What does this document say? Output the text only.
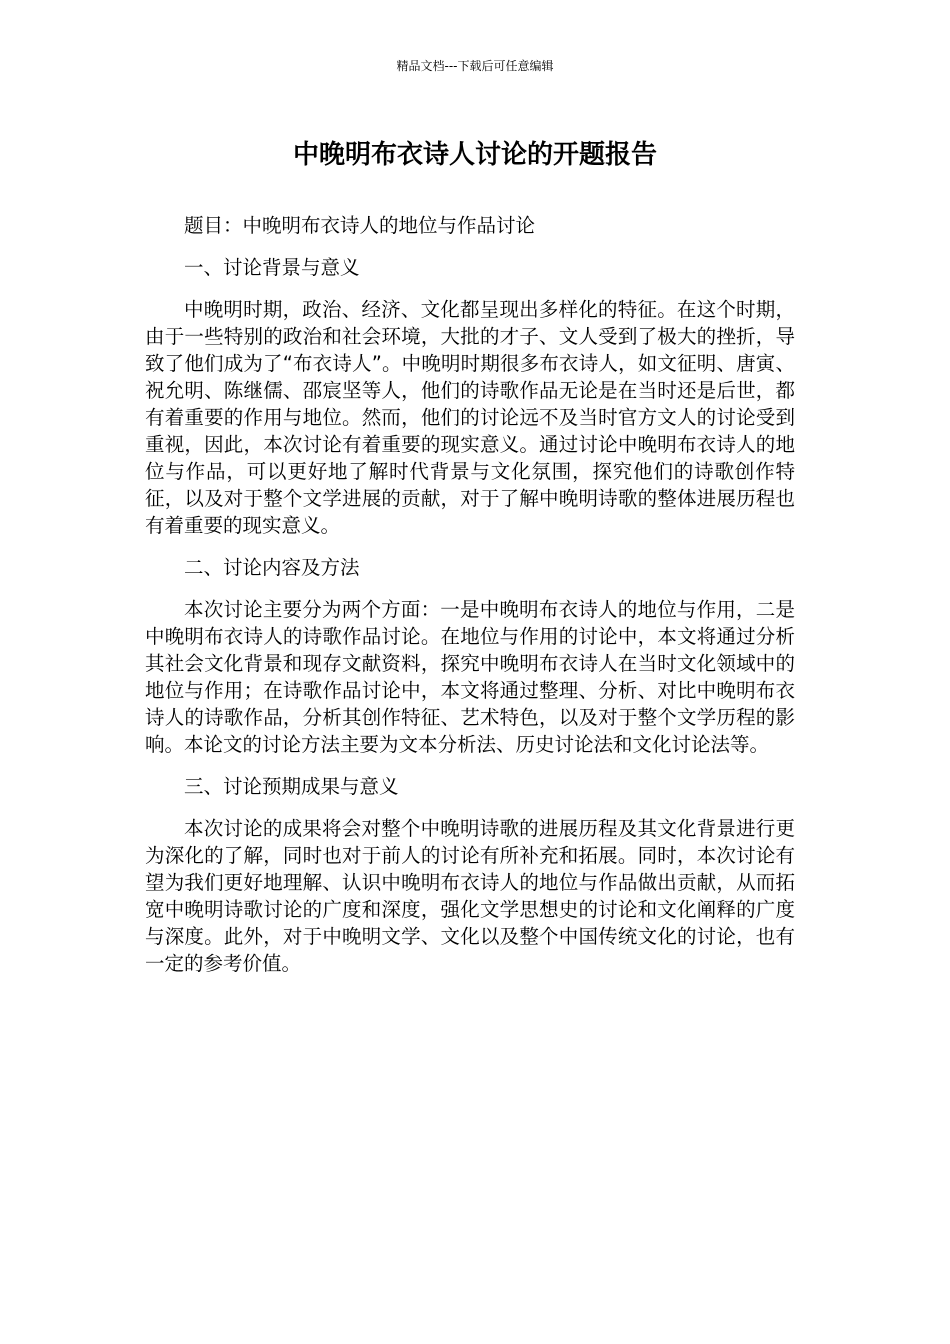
精品文档---下载后可任意编辑
中晚明布衣诗人讨论的开题报告

题目：中晚明布衣诗人的地位与作品讨论

一、讨论背景与意义

中晚明时期，政治、经济、文化都呈现出多样化的特征。在这个时期，由于一些特别的政治和社会环境，大批的才子、文人受到了极大的挫折，导致了他们成为了“布衣诗人”。中晚明时期很多布衣诗人，如文征明、唐寅、祝允明、陈继儒、邵宸坚等人，他们的诗歌作品无论是在当时还是后世，都有着重要的作用与地位。然而，他们的讨论远不及当时官方文人的讨论受到重视，因此，本次讨论有着重要的现实意义。通过讨论中晚明布衣诗人的地位与作品，可以更好地了解时代背景与文化氛围，探究他们的诗歌创作特征，以及对于整个文学进展的贡献，对于了解中晚明诗歌的整体进展历程也有着重要的现实意义。

二、讨论内容及方法

本次讨论主要分为两个方面：一是中晚明布衣诗人的地位与作用，二是中晚明布衣诗人的诗歌作品讨论。在地位与作用的讨论中，本文将通过分析其社会文化背景和现存文献资料，探究中晚明布衣诗人在当时文化领域中的地位与作用；在诗歌作品讨论中，本文将通过整理、分析、对比中晚明布衣诗人的诗歌作品，分析其创作特征、艺术特色，以及对于整个文学历程的影响。本论文的讨论方法主要为文本分析法、历史讨论法和文化讨论法等。

三、讨论预期成果与意义

本次讨论的成果将会对整个中晚明诗歌的进展历程及其文化背景进行更为深化的了解，同时也对于前人的讨论有所补充和拓展。同时，本次讨论有望为我们更好地理解、认识中晚明布衣诗人的地位与作品做出贡献，从而拓宽中晚明诗歌讨论的广度和深度，强化文学思想史的讨论和文化阐释的广度与深度。此外，对于中晚明文学、文化以及整个中国传统文化的讨论，也有一定的参考价值。
